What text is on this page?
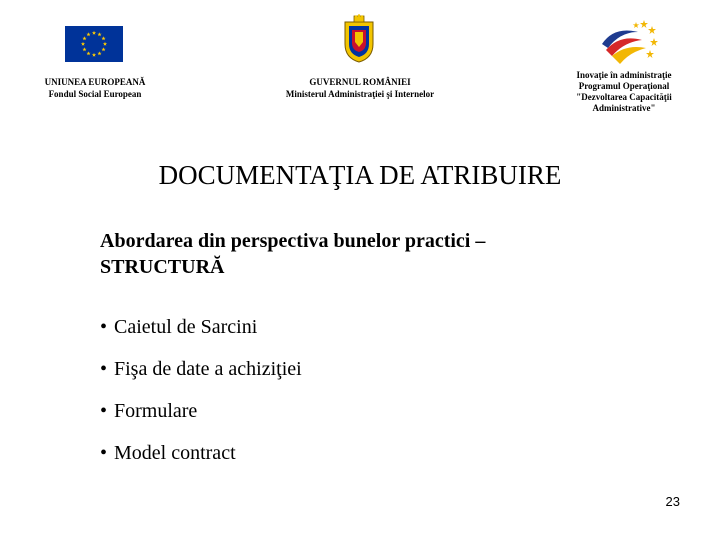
UNIUNEA EUROPEANĂ
Fondul Social European
GUVERNUL ROMÂNIEI
Ministerul Administraţiei şi Internelor
Inovaţie în administraţie
Programul Operaţional
"Dezvoltarea Capacităţii
Administrative"
DOCUMENTAŢIA DE ATRIBUIRE
Abordarea din perspectiva bunelor practici –
STRUCTURĂ
• Caietul de Sarcini
• Fişa de date a achiziţiei
• Formulare
• Model contract
23
